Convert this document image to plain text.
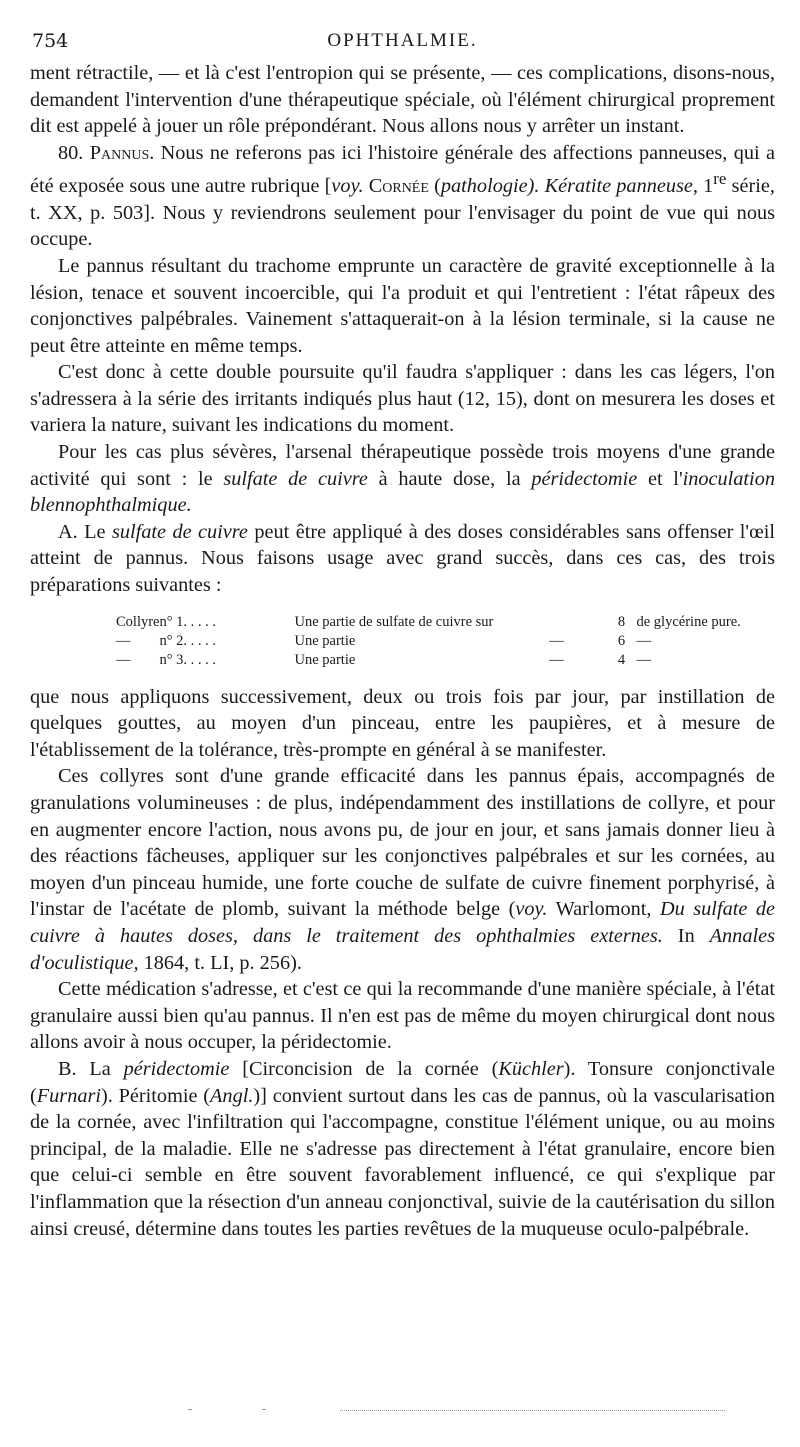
754	OPHTHALMIE.

ment rétractile, — et là c'est l'entropion qui se présente, — ces complications, disons-nous, demandent l'intervention d'une thérapeutique spéciale, où l'élément chirurgical proprement dit est appelé à jouer un rôle prépondérant. Nous allons nous y arrêter un instant.

80. Pannus. Nous ne referons pas ici l'histoire générale des affections panneuses, qui a été exposée sous une autre rubrique [voy. Cornée (pathologie). Kératite panneuse, 1re série, t. XX, p. 503]. Nous y reviendrons seulement pour l'envisager du point de vue qui nous occupe.

Le pannus résultant du trachome emprunte un caractère de gravité exceptionnelle à la lésion, tenace et souvent incoercible, qui l'a produit et qui l'entretient : l'état râpeux des conjonctives palpébrales. Vainement s'attaquerait-on à la lésion terminale, si la cause ne peut être atteinte en même temps.

C'est donc à cette double poursuite qu'il faudra s'appliquer : dans les cas légers, l'on s'adressera à la série des irritants indiqués plus haut (12, 15), dont on mesurera les doses et variera la nature, suivant les indications du moment.

Pour les cas plus sévères, l'arsenal thérapeutique possède trois moyens d'une grande activité qui sont : le sulfate de cuivre à haute dose, la péridectomie et l'inoculation blennophthalmique.

A. Le sulfate de cuivre peut être appliqué à des doses considérables sans offenser l'œil atteint de pannus. Nous faisons usage avec grand succès, dans ces cas, des trois préparations suivantes :

Collyre	n° 1. . . . .	Une partie de sulfate de cuivre sur		8	de glycérine pure.
—	n° 2. . . . .	Une partie	—	6	—
—	n° 3. . . . .	Une partie	—	4	—

que nous appliquons successivement, deux ou trois fois par jour, par instillation de quelques gouttes, au moyen d'un pinceau, entre les paupières, et à mesure de l'établissement de la tolérance, très-prompte en général à se manifester.

Ces collyres sont d'une grande efficacité dans les pannus épais, accompagnés de granulations volumineuses : de plus, indépendamment des instillations de collyre, et pour en augmenter encore l'action, nous avons pu, de jour en jour, et sans jamais donner lieu à des réactions fâcheuses, appliquer sur les conjonctives palpébrales et sur les cornées, au moyen d'un pinceau humide, une forte couche de sulfate de cuivre finement porphyrisé, à l'instar de l'acétate de plomb, suivant la méthode belge (voy. Warlomont, Du sulfate de cuivre à hautes doses, dans le traitement des ophthalmies externes. In Annales d'oculistique, 1864, t. LI, p. 256).

Cette médication s'adresse, et c'est ce qui la recommande d'une manière spéciale, à l'état granulaire aussi bien qu'au pannus. Il n'en est pas de même du moyen chirurgical dont nous allons avoir à nous occuper, la péridectomie.

B. La péridectomie [Circoncision de la cornée (Küchler). Tonsure conjonctivale (Furnari). Péritomie (Angl.)] convient surtout dans les cas de pannus, où la vascularisation de la cornée, avec l'infiltration qui l'accompagne, constitue l'élément unique, ou au moins principal, de la maladie. Elle ne s'adresse pas directement à l'état granulaire, encore bien que celui-ci semble en être souvent favorablement influencé, ce qui s'explique par l'inflammation que la résection d'un anneau conjonctival, suivie de la cautérisation du sillon ainsi creusé, détermine dans toutes les parties revêtues de la muqueuse oculo-palpébrale.
